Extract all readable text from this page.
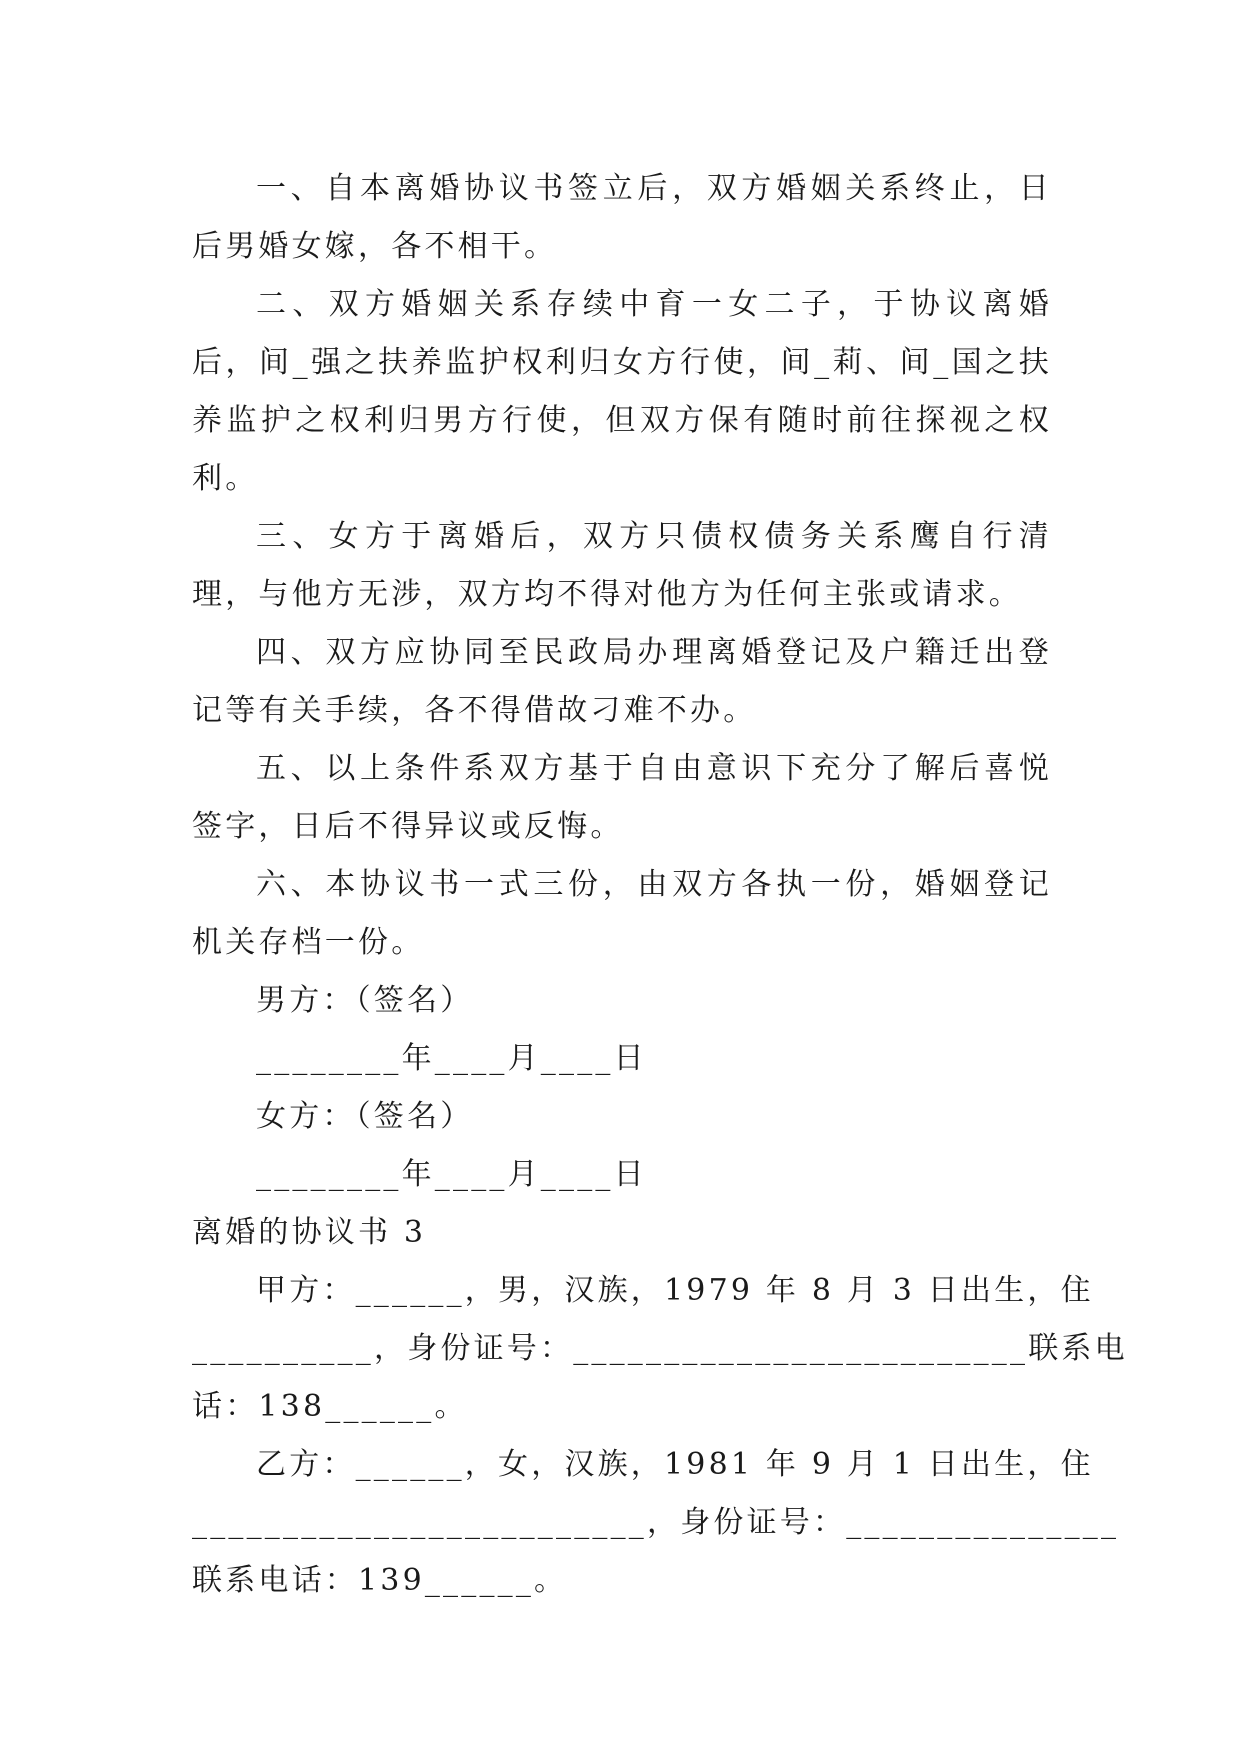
一、自本离婚协议书签立后，双方婚姻关系终止，日后男婚女嫁，各不相干。

二、双方婚姻关系存续中育一女二子，于协议离婚后，间_强之扶养监护权利归女方行使，间_莉、间_国之扶养监护之权利归男方行使，但双方保有随时前往探视之权利。

三、女方于离婚后，双方只债权债务关系鹰自行清理，与他方无涉，双方均不得对他方为任何主张或请求。

四、双方应协同至民政局办理离婚登记及户籍迁出登记等有关手续，各不得借故刁难不办。

五、以上条件系双方基于自由意识下充分了解后喜悦签字，日后不得异议或反悔。

六、本协议书一式三份，由双方各执一份，婚姻登记机关存档一份。

男方：（签名）

________年____月____日

女方：（签名）

________年____月____日

离婚的协议书 3

甲方：______，男，汉族，1979 年 8 月 3 日出生，住

__________，身份证号：_________________________联系电

话：138______。

乙方：______，女，汉族，1981 年 9 月 1 日出生，住

_________________________，身份证号：_______________

联系电话：139______。
